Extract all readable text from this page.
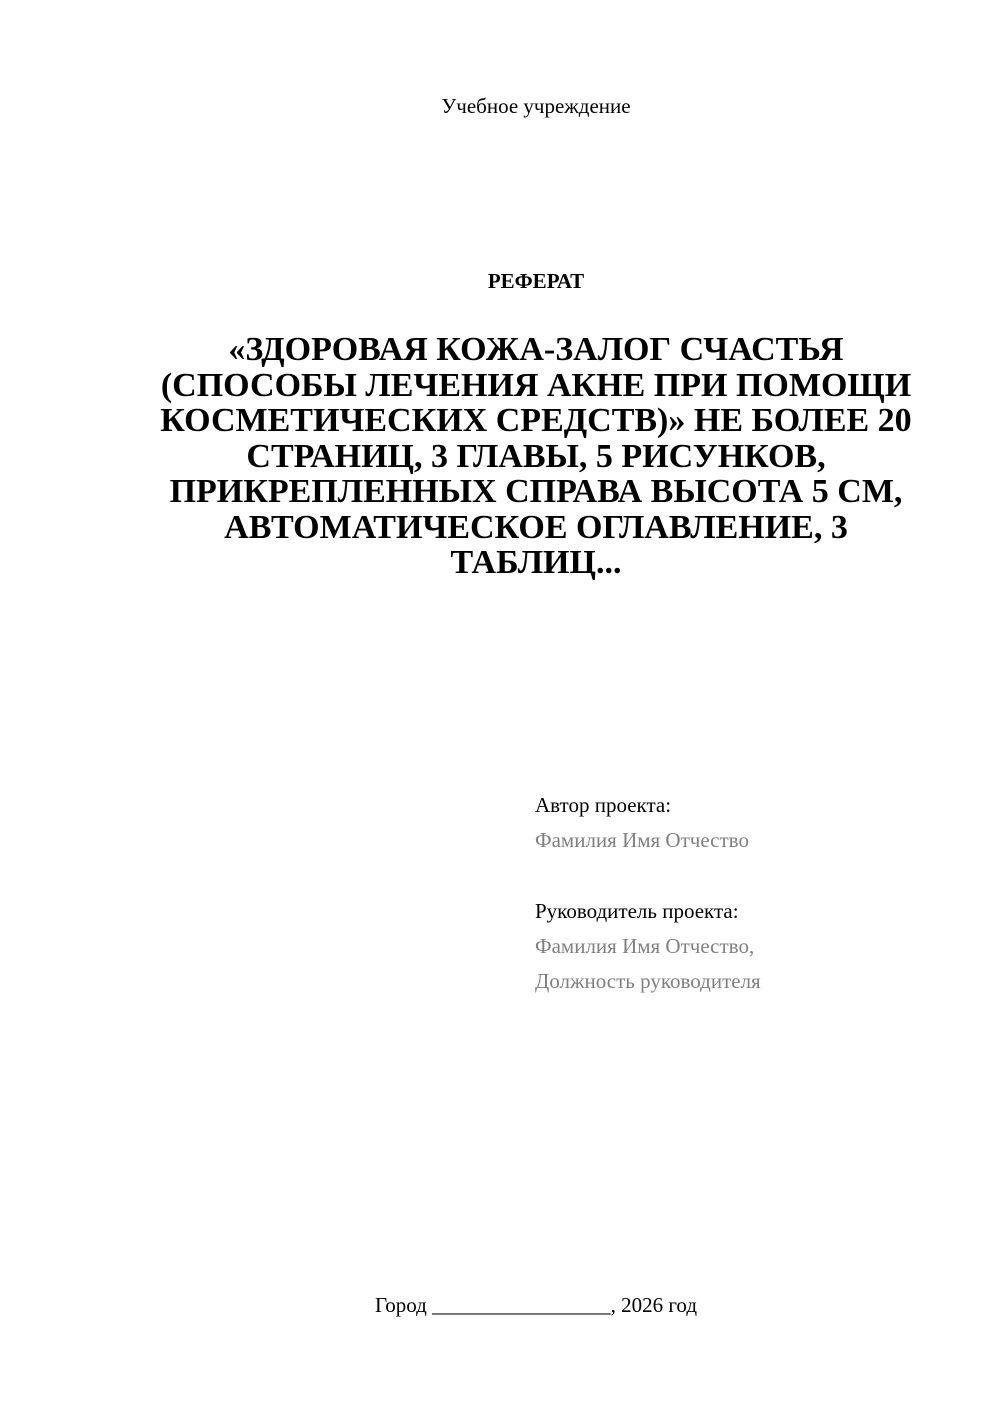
Учебное учреждение
РЕФЕРАТ
«ЗДОРОВАЯ КОЖА-ЗАЛОГ СЧАСТЬЯ (СПОСОБЫ ЛЕЧЕНИЯ АКНЕ ПРИ ПОМОЩИ КОСМЕТИЧЕСКИХ СРЕДСТВ)» НЕ БОЛЕЕ 20 СТРАНИЦ, 3 ГЛАВЫ, 5 РИСУНКОВ, ПРИКРЕПЛЕННЫХ СПРАВА ВЫСОТА 5 СМ, АВТОМАТИЧЕСКОЕ ОГЛАВЛЕНИЕ, 3 ТАБЛИЦ...
Автор проекта:
Фамилия Имя Отчество
Руководитель проекта:
Фамилия Имя Отчество,
Должность руководителя
Город _________________, 2026 год
